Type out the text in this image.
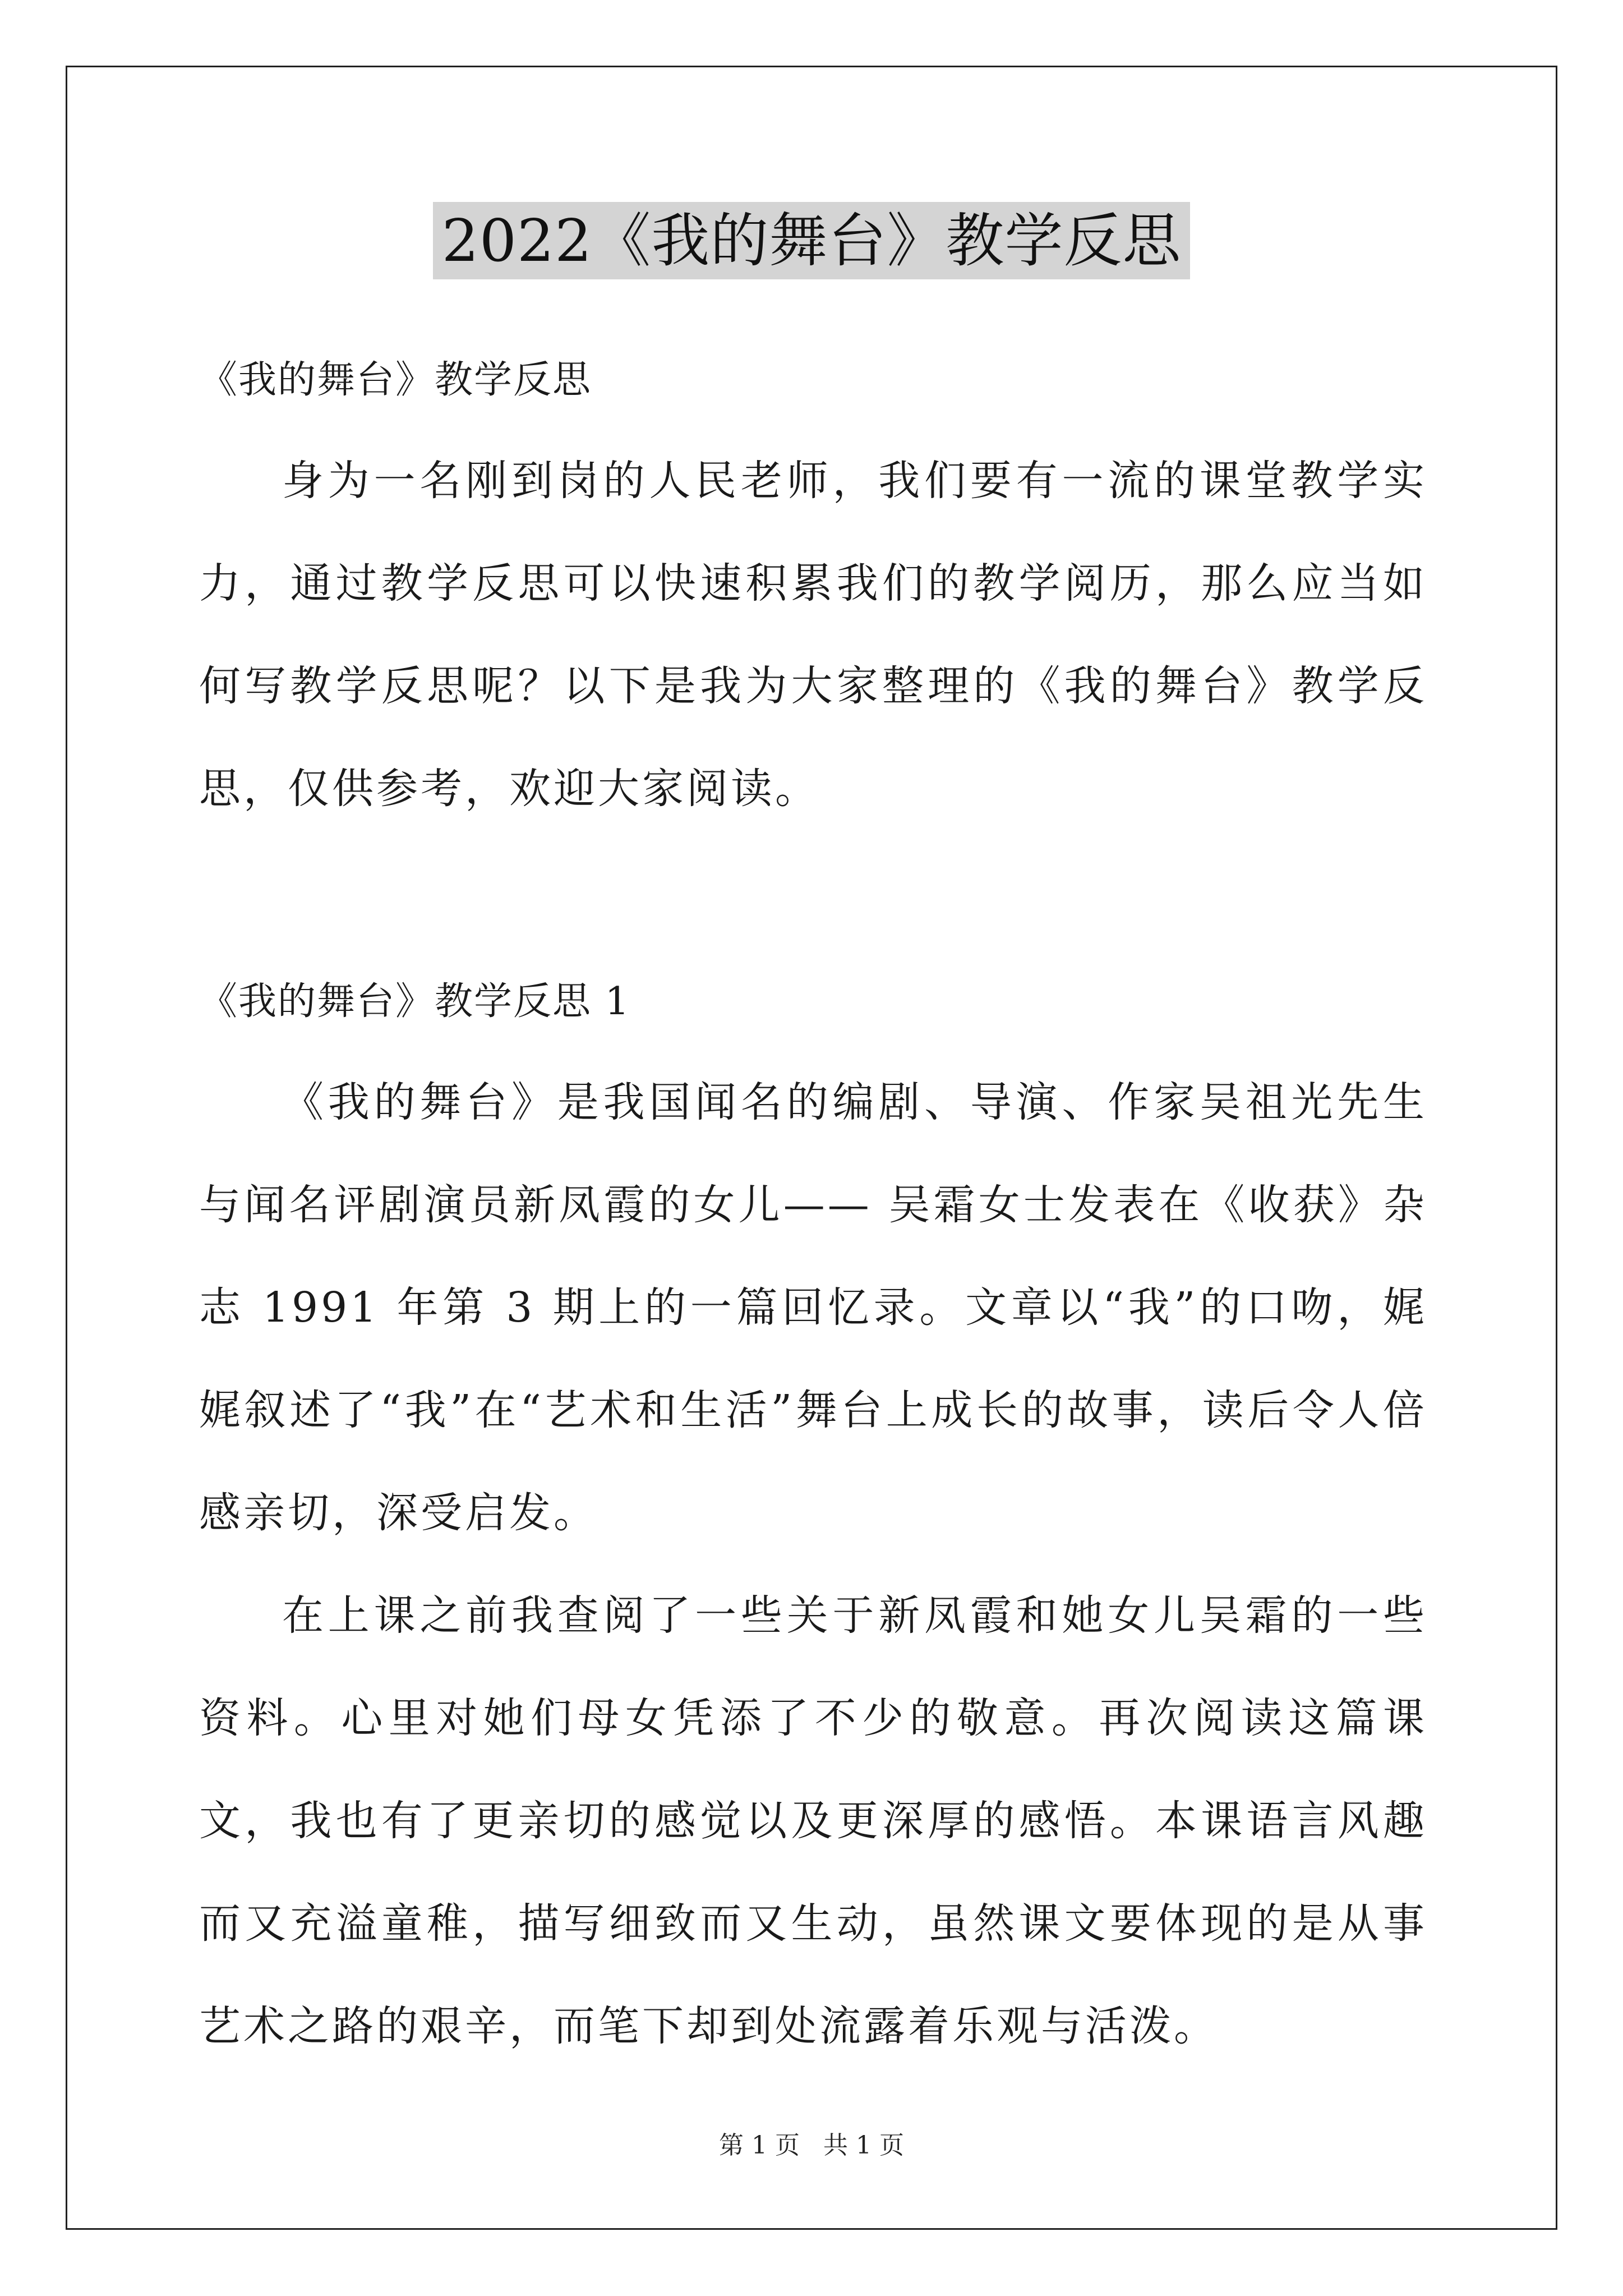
2022《我的舞台》教学反思

《我的舞台》教学反思

身为一名刚到岗的人民老师，我们要有一流的课堂教学实力，通过教学反思可以快速积累我们的教学阅历，那么应当如何写教学反思呢？以下是我为大家整理的《我的舞台》教学反思，仅供参考，欢迎大家阅读。

《我的舞台》教学反思 1

《我的舞台》是我国闻名的编剧、导演、作家吴祖光先生与闻名评剧演员新凤霞的女儿—— 吴霜女士发表在《收获》杂志 1991 年第 3 期上的一篇回忆录。文章以“我”的口吻，娓娓叙述了“我”在“艺术和生活”舞台上成长的故事，读后令人倍感亲切，深受启发。

在上课之前我查阅了一些关于新凤霞和她女儿吴霜的一些资料。心里对她们母女凭添了不少的敬意。再次阅读这篇课文，我也有了更亲切的感觉以及更深厚的感悟。本课语言风趣而又充溢童稚，描写细致而又生动，虽然课文要体现的是从事艺术之路的艰辛，而笔下却到处流露着乐观与活泼。

第 1 页 共 1 页
